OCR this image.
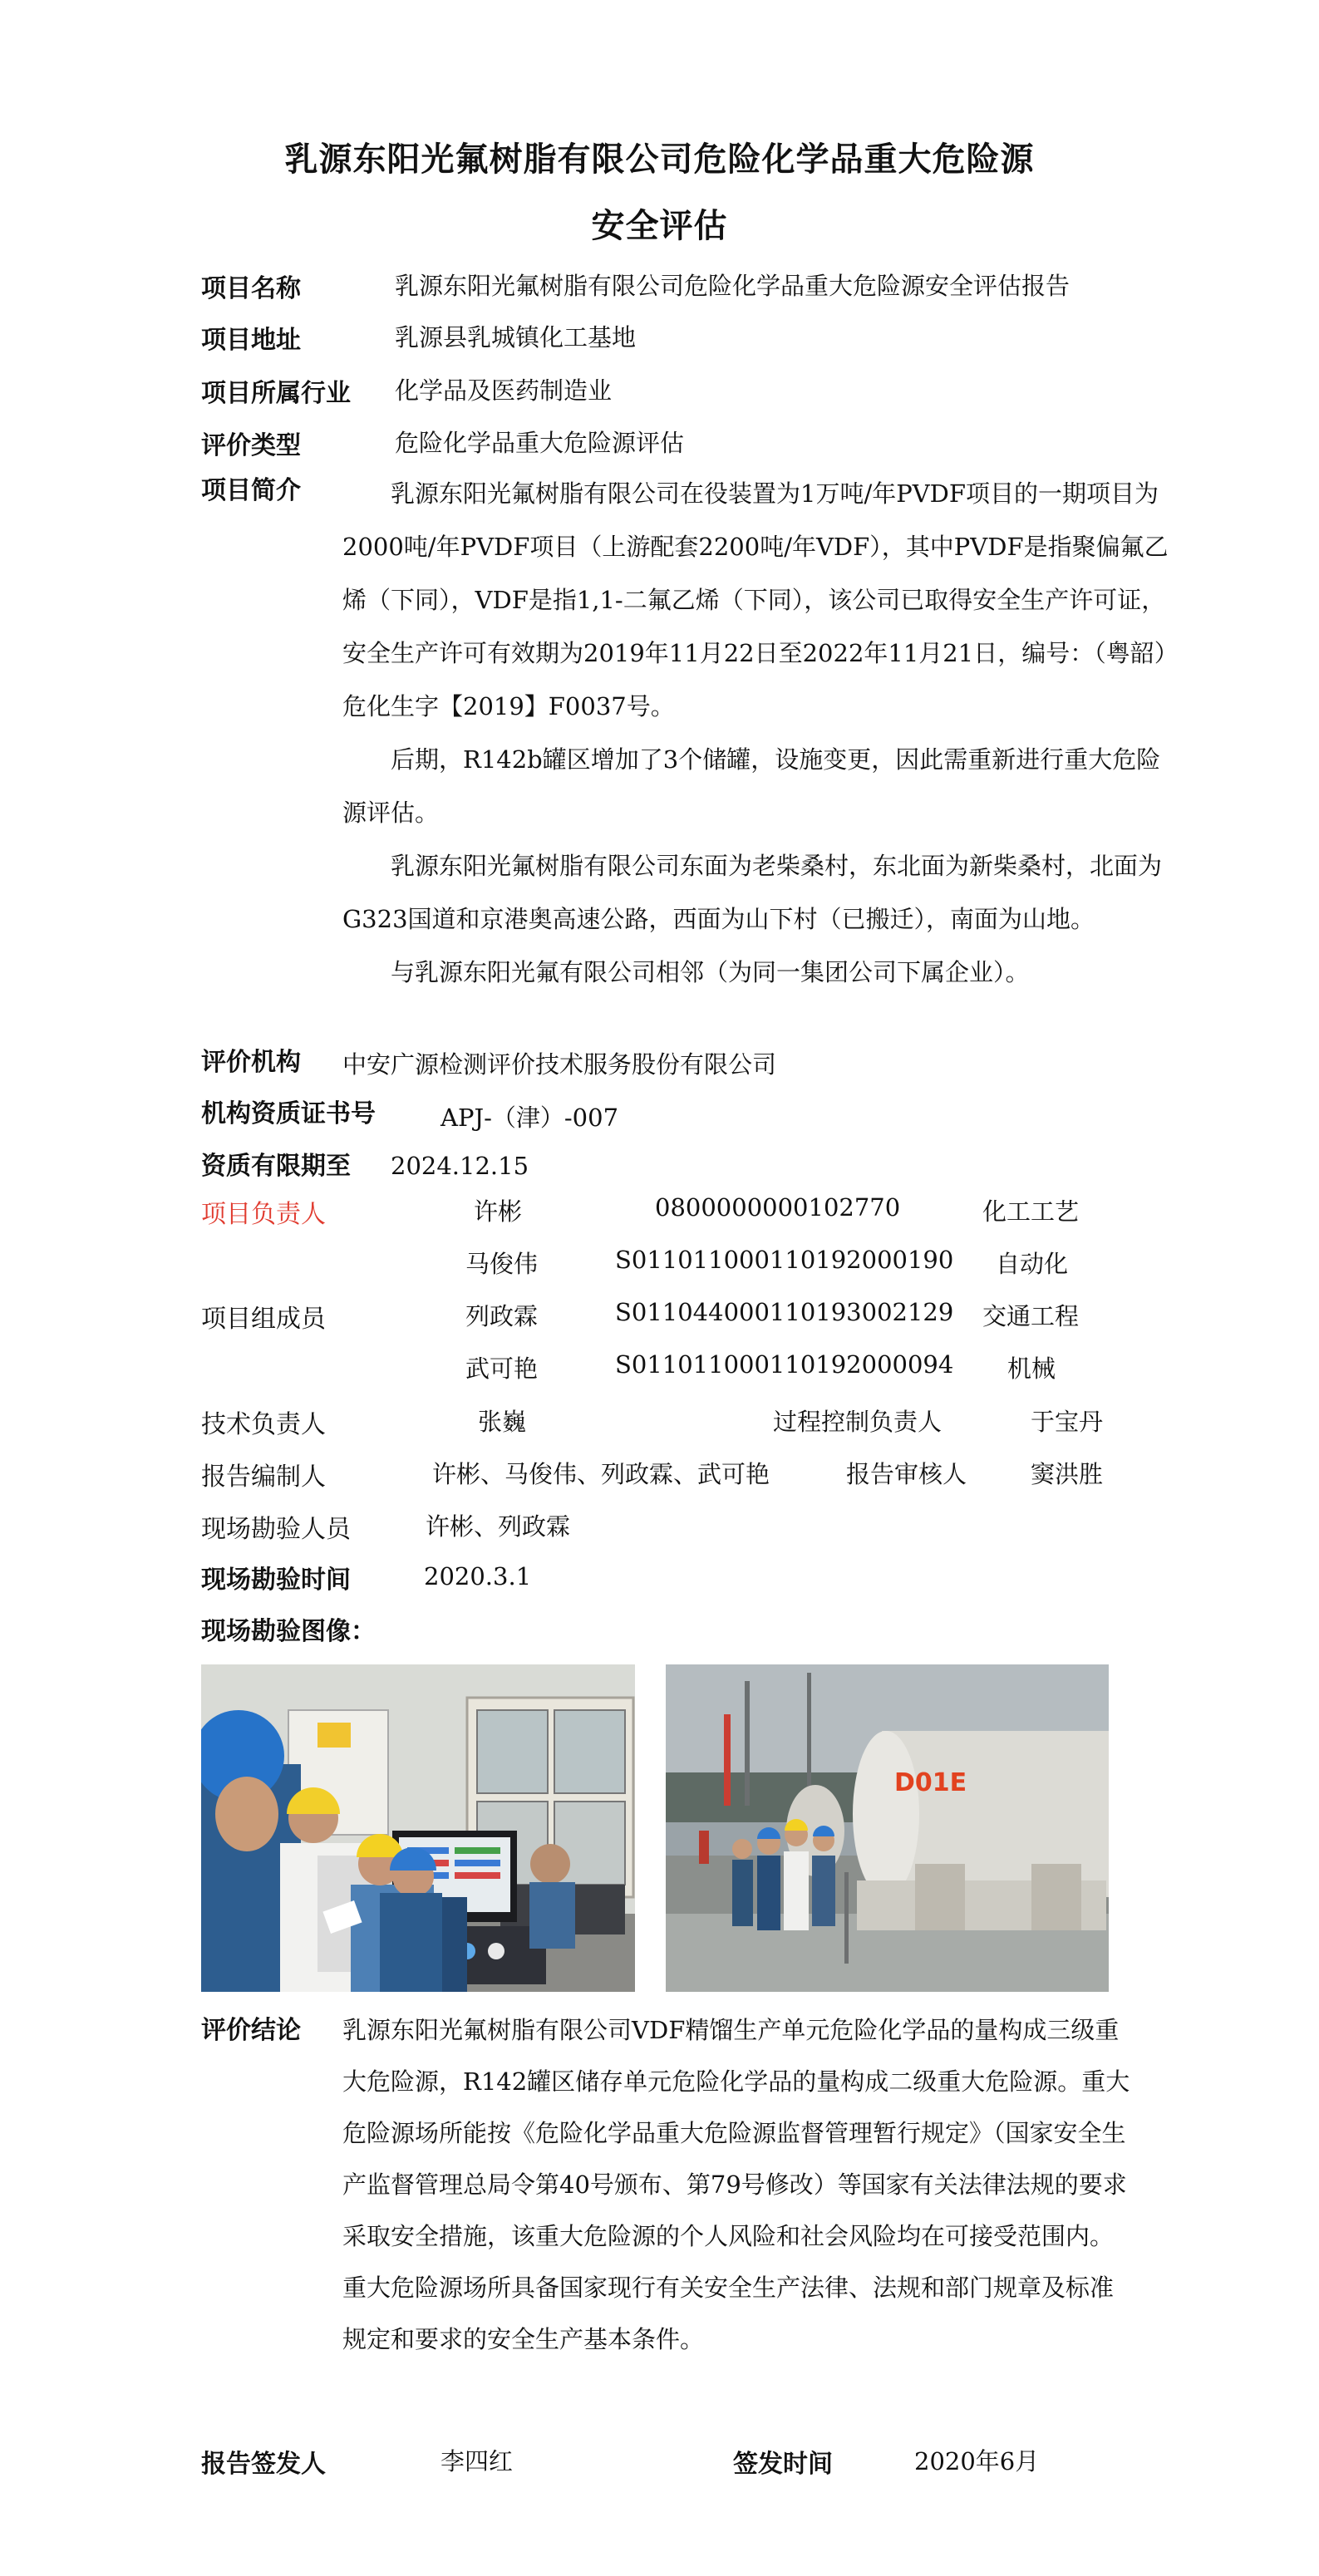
乳源东阳光氟树脂有限公司危险化学品重大危险源
安全评估
项目名称	乳源东阳光氟树脂有限公司危险化学品重大危险源安全评估报告
项目地址	乳源县乳城镇化工基地
项目所属行业 化学品及医药制造业
评价类型	危险化学品重大危险源评估
项目简介	乳源东阳光氟树脂有限公司在役装置为1万吨/年PVDF项目的一期项目为2000吨/年PVDF项目（上游配套2200吨/年VDF），其中PVDF是指聚偏氟乙烯（下同），VDF是指1,1-二氟乙烯（下同），该公司已取得安全生产许可证，安全生产许可有效期为2019年11月22日至2022年11月21日，编号：（粤韶）危化生字【2019】F0037号。

后期，R142b罐区增加了3个储罐，设施变更，因此需重新进行重大危险源评估。

乳源东阳光氟树脂有限公司东面为老柴桑村，东北面为新柴桑村，北面为G323国道和京港奥高速公路，西面为山下村（已搬迁），南面为山地。

与乳源东阳光氟有限公司相邻（为同一集团公司下属企业）。

评价机构 中安广源检测评价技术服务股份有限公司
机构资质证书号	APJ-（津）-007
资质有限期至 2024.12.15
项目负责人	许彬	0800000000102770	化工工艺
马俊伟	S011011000110192000190 自动化
项目组成员	列政霖	S011044000110193002129 交通工程
武可艳	S011011000110192000094 机械
技术负责人	张巍	过程控制负责人	于宝丹
报告编制人	许彬、马俊伟、列政霖、武可艳	报告审核人	窦洪胜
现场勘验人员	许彬、列政霖
现场勘验时间	2020.3.1
现场勘验图像：
D01E
评价结论 乳源东阳光氟树脂有限公司VDF精馏生产单元危险化学品的量构成三级重大危险源，R142罐区储存单元危险化学品的量构成二级重大危险源。重大危险源场所能按《危险化学品重大危险源监督管理暂行规定》（国家安全生产监督管理总局令第40号颁布、第79号修改）等国家有关法律法规的要求采取安全措施，该重大危险源的个人风险和社会风险均在可接受范围内。重大危险源场所具备国家现行有关安全生产法律、法规和部门规章及标准规定和要求的安全生产基本条件。

报告签发人	李四红	签发时间	2020年6月
